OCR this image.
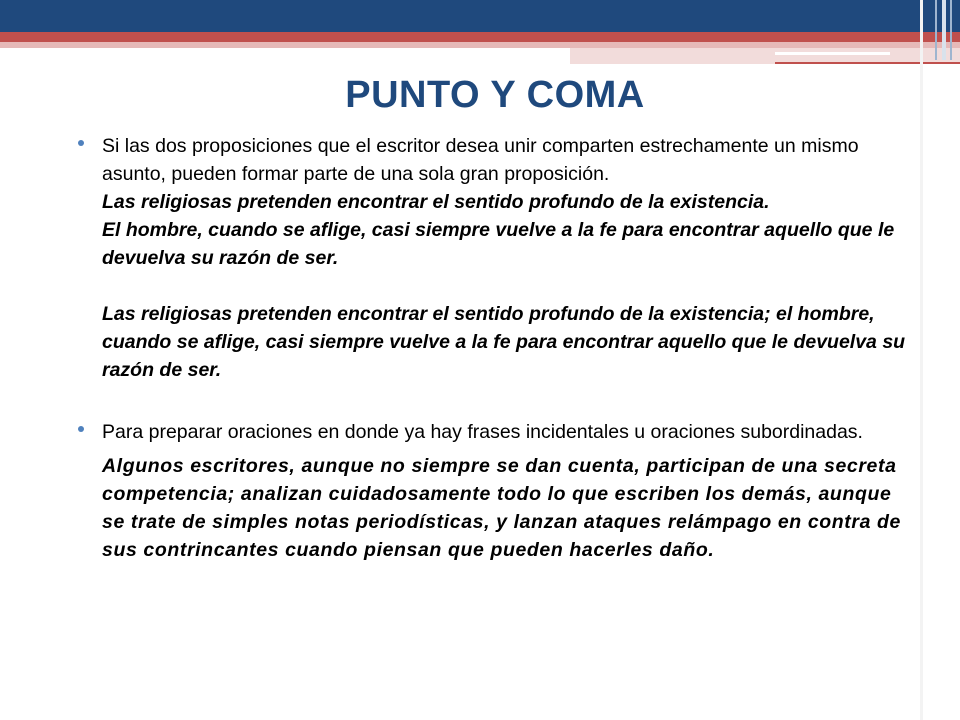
PUNTO Y COMA

Si las dos proposiciones que el escritor desea unir comparten estrechamente un mismo asunto, pueden formar parte de una sola gran proposición.

Las religiosas pretenden encontrar el sentido profundo de la existencia.

El hombre, cuando se aflige, casi siempre vuelve a la fe para encontrar aquello que le devuelva su razón de ser.

Las religiosas pretenden encontrar el sentido profundo de la existencia; el hombre, cuando se aflige, casi siempre vuelve a la fe para encontrar aquello que le devuelva su razón de ser.

Para preparar oraciones en donde ya hay frases incidentales u oraciones subordinadas.

Algunos escritores, aunque no siempre se dan cuenta, participan de una secreta competencia; analizan cuidadosamente todo lo que escriben los demás, aunque se trate de simples notas periodísticas, y lanzan ataques relámpago en contra de sus contrincantes cuando piensan que pueden hacerles daño.
